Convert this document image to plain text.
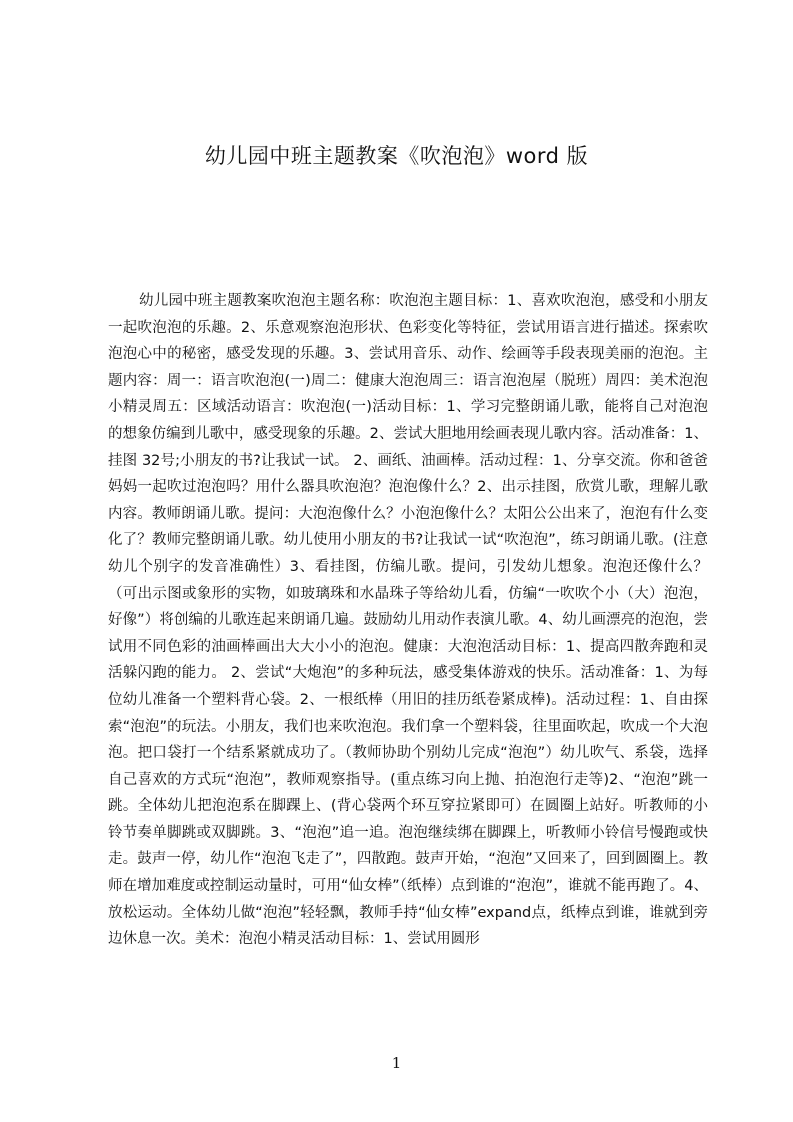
幼儿园中班主题教案《吹泡泡》word 版

幼儿园中班主题教案吹泡泡主题名称：吹泡泡主题目标：1、喜欢吹泡泡，感受和小朋友一起吹泡泡的乐趣。2、乐意观察泡泡形状、色彩变化等特征，尝试用语言进行描述。探索吹泡泡心中的秘密，感受发现的乐趣。3、尝试用音乐、动作、绘画等手段表现美丽的泡泡。主题内容：周一：语言吹泡泡(一)周二：健康大泡泡周三：语言泡泡屋（脱班）周四：美术泡泡小精灵周五：区域活动语言：吹泡泡(一)活动目标：1、学习完整朗诵儿歌，能将自己对泡泡的想象仿编到儿歌中，感受现象的乐趣。2、尝试大胆地用绘画表现儿歌内容。活动准备：1、挂图 32号;小朋友的书?让我试一试。 2、画纸、油画棒。活动过程：1、分享交流。你和爸爸妈妈一起吹过泡泡吗？用什么器具吹泡泡？泡泡像什么？2、出示挂图，欣赏儿歌，理解儿歌内容。教师朗诵儿歌。提问：大泡泡像什么？小泡泡像什么？太阳公公出来了，泡泡有什么变化了？教师完整朗诵儿歌。幼儿使用小朋友的书?让我试一试“吹泡泡”，练习朗诵儿歌。(注意幼儿个别字的发音准确性）3、看挂图，仿编儿歌。提问，引发幼儿想象。泡泡还像什么？（可出示图或象形的实物，如玻璃珠和水晶珠子等给幼儿看，仿编“一吹吹个小（大）泡泡，好像”）将创编的儿歌连起来朗诵几遍。鼓励幼儿用动作表演儿歌。4、幼儿画漂亮的泡泡，尝试用不同色彩的油画棒画出大大小小的泡泡。健康：大泡泡活动目标：1、提高四散奔跑和灵活躲闪跑的能力。 2、尝试“大炮泡”的多种玩法，感受集体游戏的快乐。活动准备：1、为每位幼儿准备一个塑料背心袋。2、一根纸棒（用旧的挂历纸卷紧成棒)。活动过程：1、自由探索“泡泡”的玩法。小朋友，我们也来吹泡泡。我们拿一个塑料袋，往里面吹起，吹成一个大泡泡。把口袋打一个结系紧就成功了。（教师协助个别幼儿完成“泡泡”）幼儿吹气、系袋，选择自己喜欢的方式玩“泡泡”，教师观察指导。(重点练习向上抛、拍泡泡行走等)2、“泡泡”跳一跳。全体幼儿把泡泡系在脚踝上、(背心袋两个环互穿拉紧即可）在圆圈上站好。听教师的小铃节奏单脚跳或双脚跳。3、“泡泡”追一追。泡泡继续绑在脚踝上，听教师小铃信号慢跑或快走。鼓声一停，幼儿作“泡泡飞走了”，四散跑。鼓声开始，“泡泡”又回来了，回到圆圈上。教师在增加难度或控制运动量时，可用“仙女棒”（纸棒）点到谁的“泡泡”，谁就不能再跑了。4、放松运动。全体幼儿做“泡泡”轻轻飘，教师手持“仙女棒”expand点，纸棒点到谁，谁就到旁边休息一次。美术：泡泡小精灵活动目标：1、尝试用圆形

1
